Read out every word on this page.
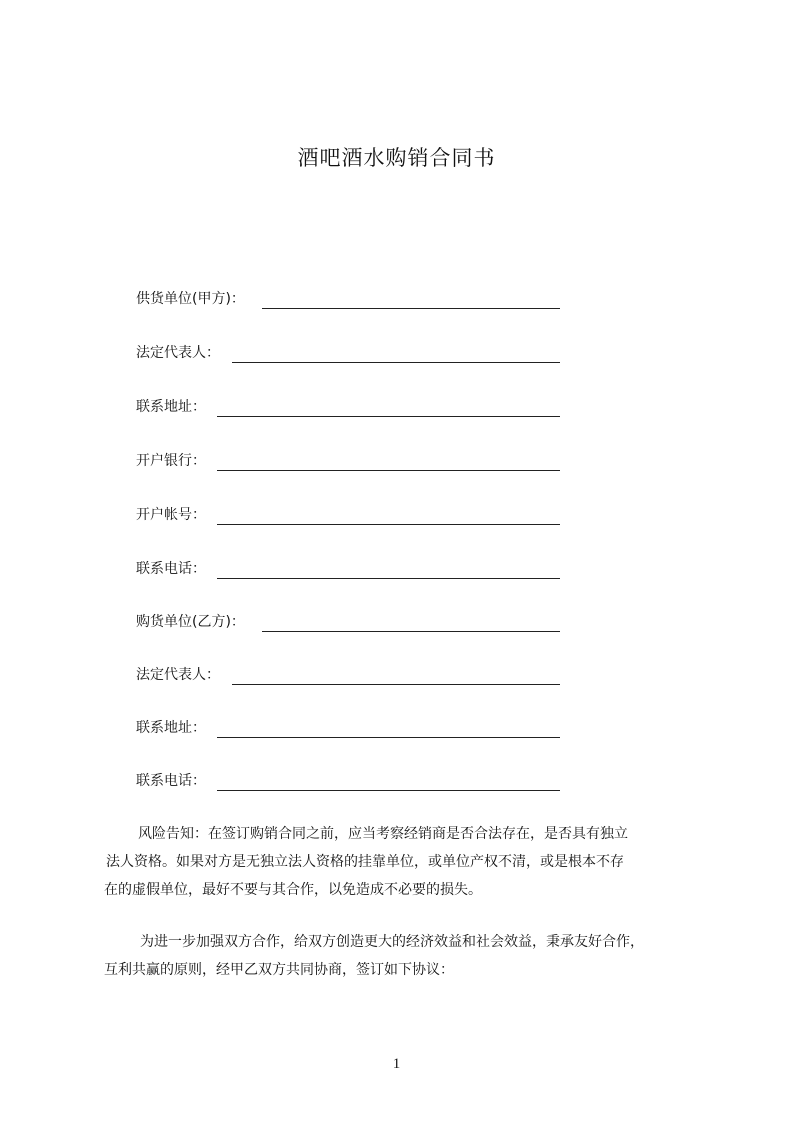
酒吧酒水购销合同书
供货单位(甲方)：
法定代表人：
联系地址：
开户银行：
开户帐号：
联系电话：
购货单位(乙方)：
法定代表人：
联系地址：
联系电话：
风险告知：在签订购销合同之前，应当考察经销商是否合法存在，是否具有独立
法人资格。如果对方是无独立法人资格的挂靠单位，或单位产权不清，或是根本不存
在的虚假单位，最好不要与其合作，以免造成不必要的损失。
为进一步加强双方合作，给双方创造更大的经济效益和社会效益，秉承友好合作，
互利共赢的原则，经甲乙双方共同协商，签订如下协议：
1
